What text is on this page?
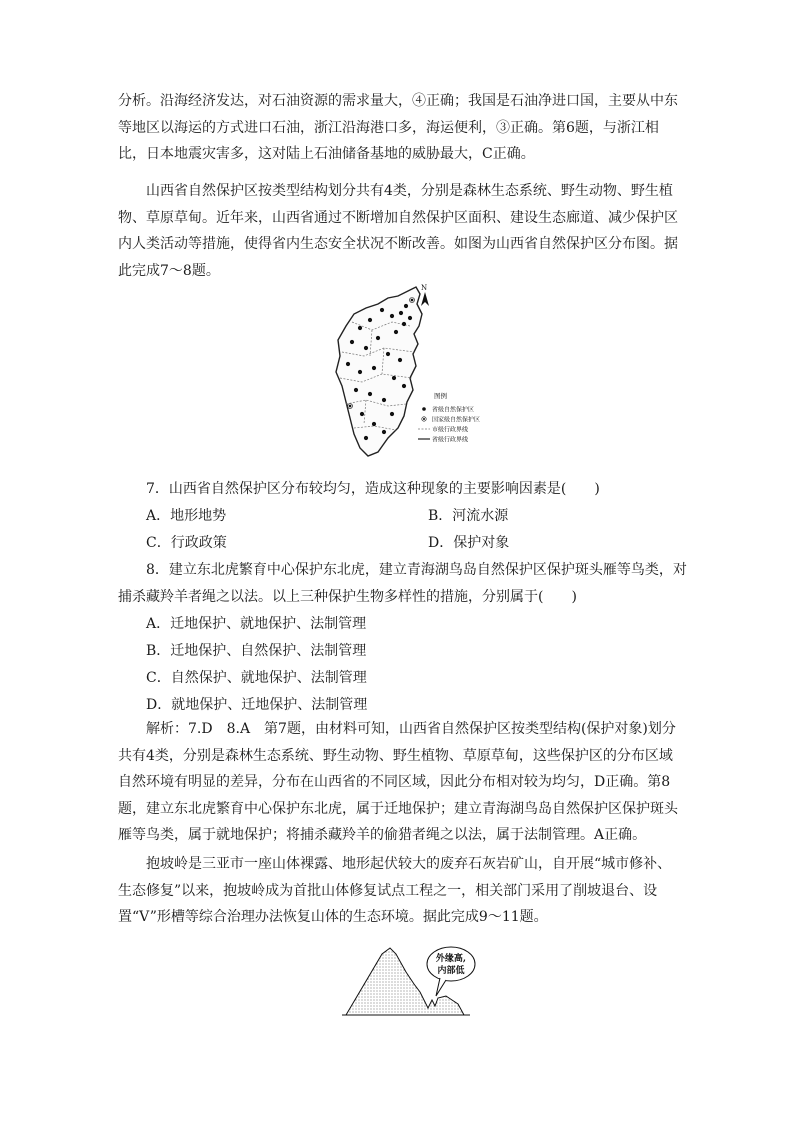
分析。沿海经济发达，对石油资源的需求量大，④正确；我国是石油净进口国，主要从中东等地区以海运的方式进口石油，浙江沿海港口多，海运便利，③正确。第6题，与浙江相比，日本地震灾害多，这对陆上石油储备基地的威胁最大，C正确。

山西省自然保护区按类型结构划分共有4类，分别是森林生态系统、野生动物、野生植物、草原草甸。近年来，山西省通过不断增加自然保护区面积、建设生态廊道、减少保护区内人类活动等措施，使得省内生态安全状况不断改善。如图为山西省自然保护区分布图。据此完成7～8题。

N
图例
省级自然保护区
国家级自然保护区
市级行政界线
省级行政界线
7．山西省自然保护区分布较均匀，造成这种现象的主要影响因素是(　　)
A．地形地势	B．河流水源
C．行政政策	D．保护对象
8．建立东北虎繁育中心保护东北虎，建立青海湖鸟岛自然保护区保护斑头雁等鸟类，对
捕杀藏羚羊者绳之以法。以上三种保护生物多样性的措施，分别属于(　　)
A．迁地保护、就地保护、法制管理
B．迁地保护、自然保护、法制管理
C．自然保护、就地保护、法制管理
D．就地保护、迁地保护、法制管理

解析：7.D　8.A　第7题，由材料可知，山西省自然保护区按类型结构(保护对象)划分共有4类，分别是森林生态系统、野生动物、野生植物、草原草甸，这些保护区的分布区域自然环境有明显的差异，分布在山西省的不同区域，因此分布相对较为均匀，D正确。第8题，建立东北虎繁育中心保护东北虎，属于迁地保护；建立青海湖鸟岛自然保护区保护斑头雁等鸟类，属于就地保护；将捕杀藏羚羊的偷猎者绳之以法，属于法制管理。A正确。

抱坡岭是三亚市一座山体裸露、地形起伏较大的废弃石灰岩矿山，自开展“城市修补、生态修复”以来，抱坡岭成为首批山体修复试点工程之一，相关部门采用了削坡退台、设置“V”形槽等综合治理办法恢复山体的生态环境。据此完成9～11题。

外缘高,
内部低
